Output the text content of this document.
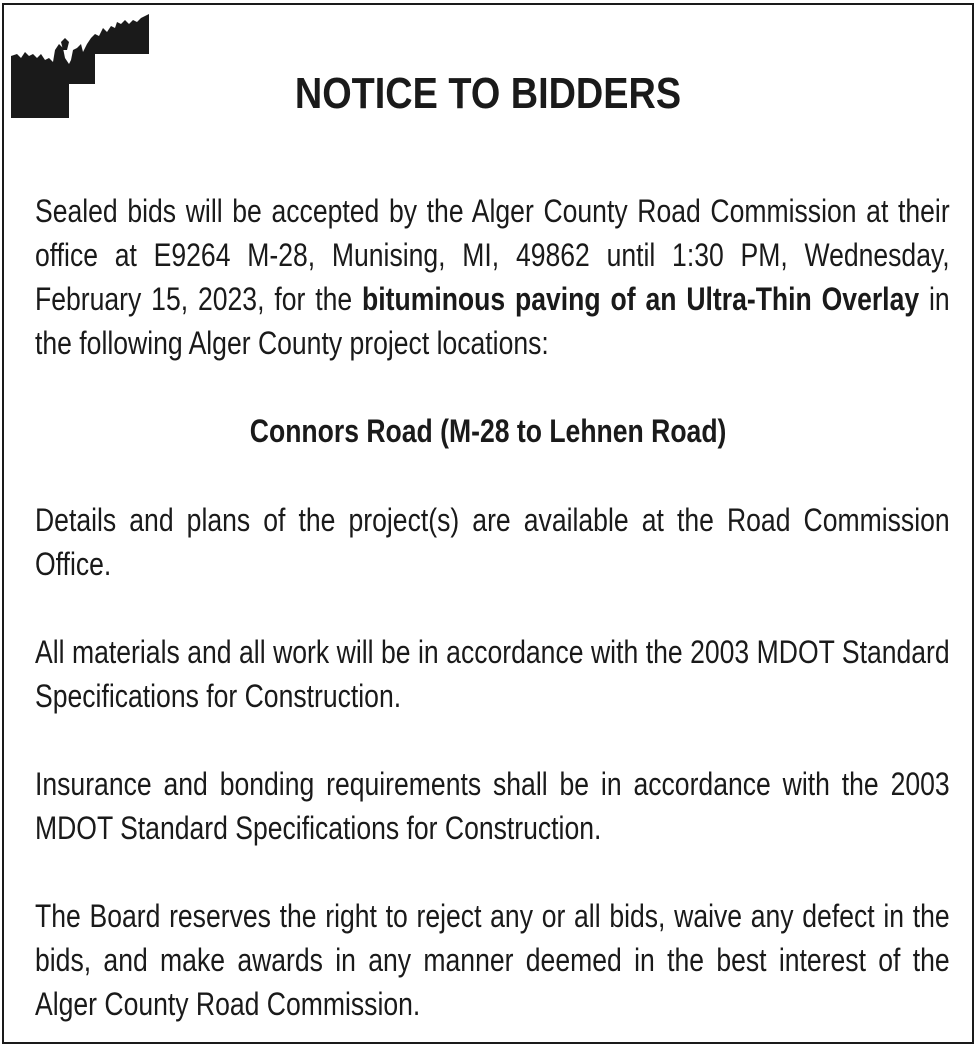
NOTICE TO BIDDERS

Sealed bids will be accepted by the Alger County Road Commission at their office at E9264 M-28, Munising, MI, 49862 until 1:30 PM, Wednesday, February 15, 2023, for the bituminous paving of an Ultra-Thin Overlay in the following Alger County project locations:

Connors Road (M-28 to Lehnen Road)

Details and plans of the project(s) are available at the Road Commission Office.

All materials and all work will be in accordance with the 2003 MDOT Standard Specifications for Construction.

Insurance and bonding requirements shall be in accordance with the 2003 MDOT Standard Specifications for Construction.

The Board reserves the right to reject any or all bids, waive any defect in the bids, and make awards in any manner deemed in the best interest of the Alger County Road Commission.
